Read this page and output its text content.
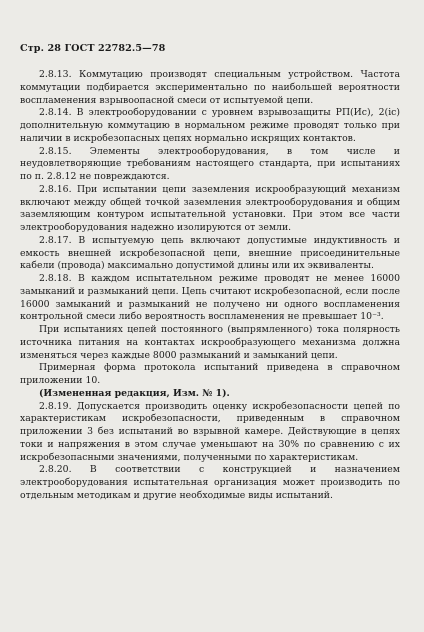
Стр. 28 ГОСТ 22782.5—78

2.8.13. Коммутацию производят специальным устройством. Частота коммутации подбирается экспериментально по наибольшей вероятности воспламенения взрывоопасной смеси от испытуемой цепи.

2.8.14. В электрооборудовании с уровнем взрывозащиты РП(Ис), 2(іс) дополнительную коммутацию в нормальном режиме проводят только при наличии в искробезопасных цепях нормально искрящих контактов.

2.8.15. Элементы электрооборудования, в том числе и неудовлетворяющие требованиям настоящего стандарта, при испытаниях по п. 2.8.12 не повреждаются.

2.8.16. При испытании цепи заземления искрообразующий механизм включают между общей точкой заземления электрооборудования и общим заземляющим контуром испытательной установки. При этом все части электрооборудования надежно изолируются от земли.

2.8.17. В испытуемую цепь включают допустимые индуктивность и емкость внешней искробезопасной цепи, внешние присоединительные кабели (провода) максимально допустимой длины или их эквиваленты.

2.8.18. В каждом испытательном режиме проводят не менее 16000 замыканий и размыканий цепи. Цепь считают искробезопасной, если после 16000 замыканий и размыканий не получено ни одного воспламенения контрольной смеси либо вероятность воспламенения не превышает 10⁻³.

При испытаниях цепей постоянного (выпрямленного) тока полярность источника питания на контактах искрообразующего механизма должна изменяться через каждые 8000 размыканий и замыканий цепи.

Примерная форма протокола испытаний приведена в справочном приложении 10.

(Измененная редакция, Изм. № 1).

2.8.19. Допускается производить оценку искробезопасности цепей по характеристикам искробезопасности, приведенным в справочном приложении 3 без испытаний во взрывной камере. Действующие в цепях токи и напряжения в этом случае уменьшают на 30% по сравнению с их искробезопасными значениями, полученными по характеристикам.

2.8.20. В соответствии с конструкцией и назначением электрооборудования испытательная организация может производить по отдельным методикам и другие необходимые виды испытаний.
